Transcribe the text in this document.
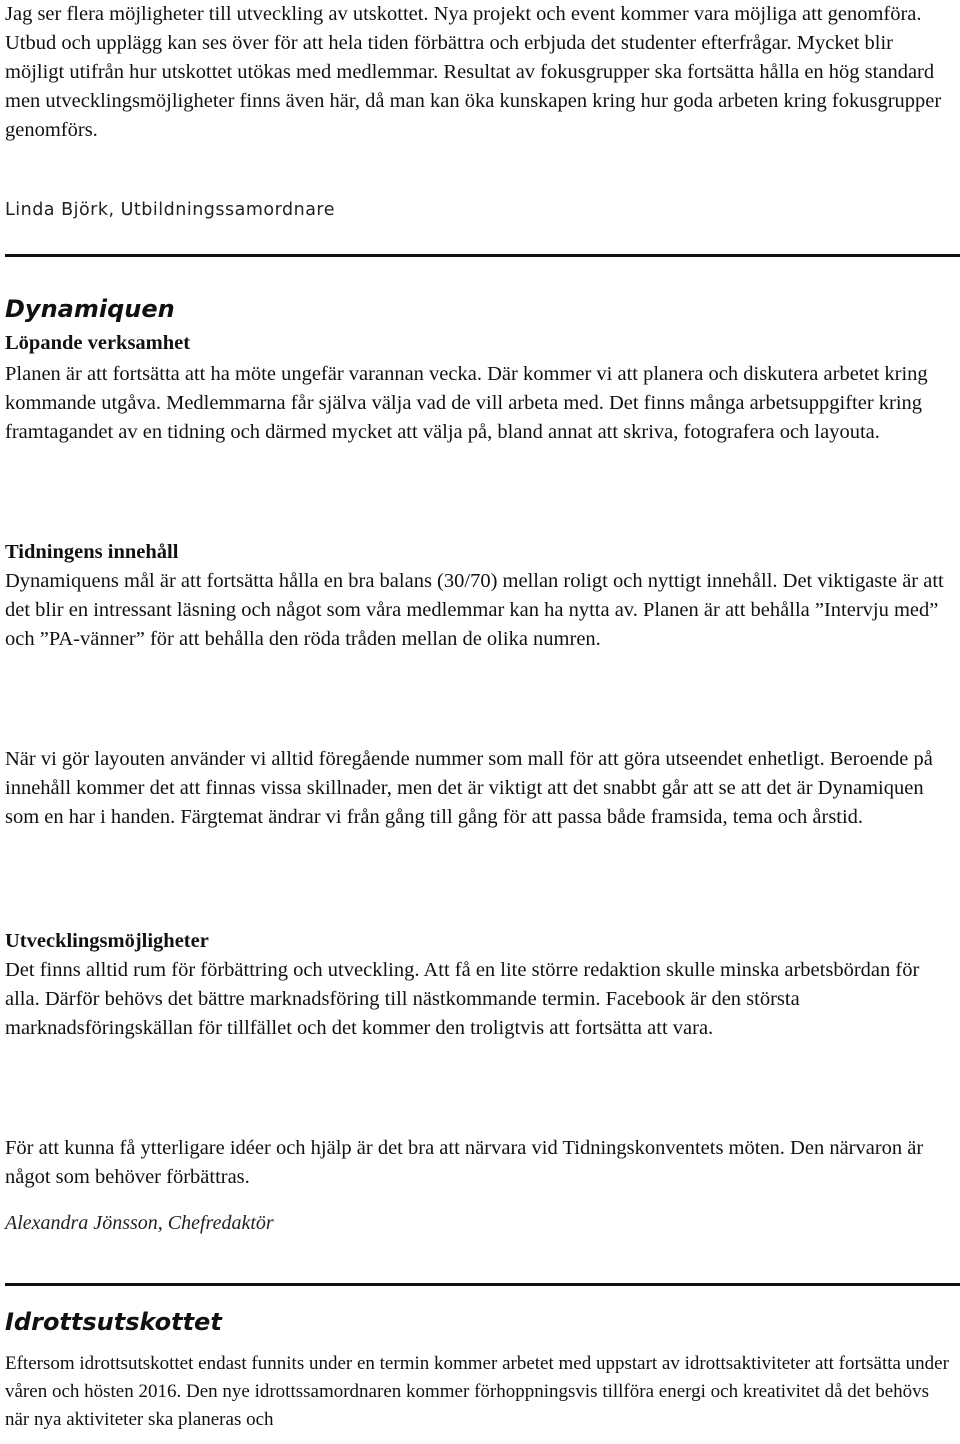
Jag ser flera möjligheter till utveckling av utskottet. Nya projekt och event kommer vara möjliga att genomföra. Utbud och upplägg kan ses över för att hela tiden förbättra och erbjuda det studenter efterfrågar. Mycket blir möjligt utifrån hur utskottet utökas med medlemmar. Resultat av fokusgrupper ska fortsätta hålla en hög standard men utvecklingsmöjligheter finns även här, då man kan öka kunskapen kring hur goda arbeten kring fokusgrupper genomförs.

Linda Björk, Utbildningssamordnare

Dynamiquen
Löpande verksamhet

Planen är att fortsätta att ha möte ungefär varannan vecka. Där kommer vi att planera och diskutera arbetet kring kommande utgåva. Medlemmarna får själva välja vad de vill arbeta med. Det finns många arbetsuppgifter kring framtagandet av en tidning och därmed mycket att välja på, bland annat att skriva, fotografera och layouta.

Tidningens innehåll

Dynamiquens mål är att fortsätta hålla en bra balans (30/70) mellan roligt och nyttigt innehåll. Det viktigaste är att det blir en intressant läsning och något som våra medlemmar kan ha nytta av. Planen är att behålla ”Intervju med” och ”PA-vänner” för att behålla den röda tråden mellan de olika numren.

När vi gör layouten använder vi alltid föregående nummer som mall för att göra utseendet enhetligt. Beroende på innehåll kommer det att finnas vissa skillnader, men det är viktigt att det snabbt går att se att det är Dynamiquen som en har i handen. Färgtemat ändrar vi från gång till gång för att passa både framsida, tema och årstid.

Utvecklingsmöjligheter

Det finns alltid rum för förbättring och utveckling. Att få en lite större redaktion skulle minska arbetsbördan för alla. Därför behövs det bättre marknadsföring till nästkommande termin. Facebook är den största marknadsföringskällan för tillfället och det kommer den troligtvis att fortsätta att vara.

För att kunna få ytterligare idéer och hjälp är det bra att närvara vid Tidningskonventets möten. Den närvaron är något som behöver förbättras.

Alexandra Jönsson, Chefredaktör

Idrottsutskottet

Eftersom idrottsutskottet endast funnits under en termin kommer arbetet med uppstart av idrottsaktiviteter att fortsätta under våren och hösten 2016. Den nye idrottssamordnaren kommer förhoppningsvis tillföra energi och kreativitet då det behövs när nya aktiviteter ska planeras och
